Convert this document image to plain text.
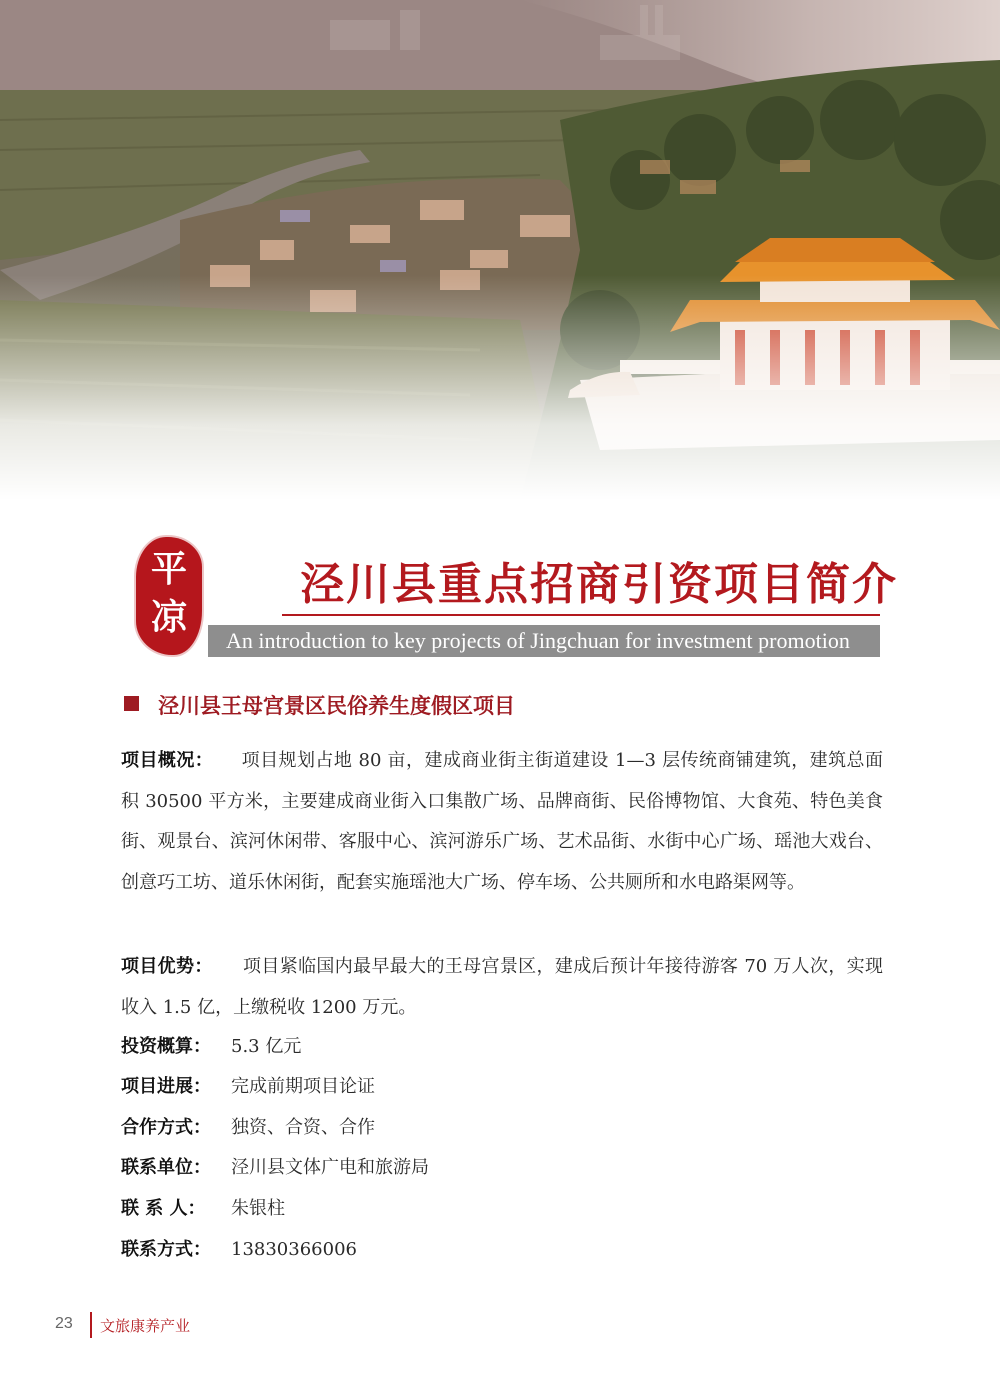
平
凉
泾川县重点招商引资项目简介
An introduction to key projects of Jingchuan for investment promotion
泾川县王母宫景区民俗养生度假区项目
项目概况： 项目规划占地 80 亩，建成商业街主街道建设 1—3 层传统商铺建筑，建筑总面积 30500 平方米，主要建成商业街入口集散广场、品牌商街、民俗博物馆、大食苑、特色美食街、观景台、滨河休闲带、客服中心、滨河游乐广场、艺术品街、水街中心广场、瑶池大戏台、创意巧工坊、道乐休闲街，配套实施瑶池大广场、停车场、公共厕所和水电路渠网等。
项目优势： 项目紧临国内最早最大的王母宫景区，建成后预计年接待游客 70 万人次，实现收入 1.5 亿，上缴税收 1200 万元。
投资概算： 5.3 亿元
项目进展： 完成前期项目论证
合作方式： 独资、合资、合作
联系单位： 泾川县文体广电和旅游局
联 系 人： 朱银柱
联系方式： 13830366006
23 文旅康养产业
